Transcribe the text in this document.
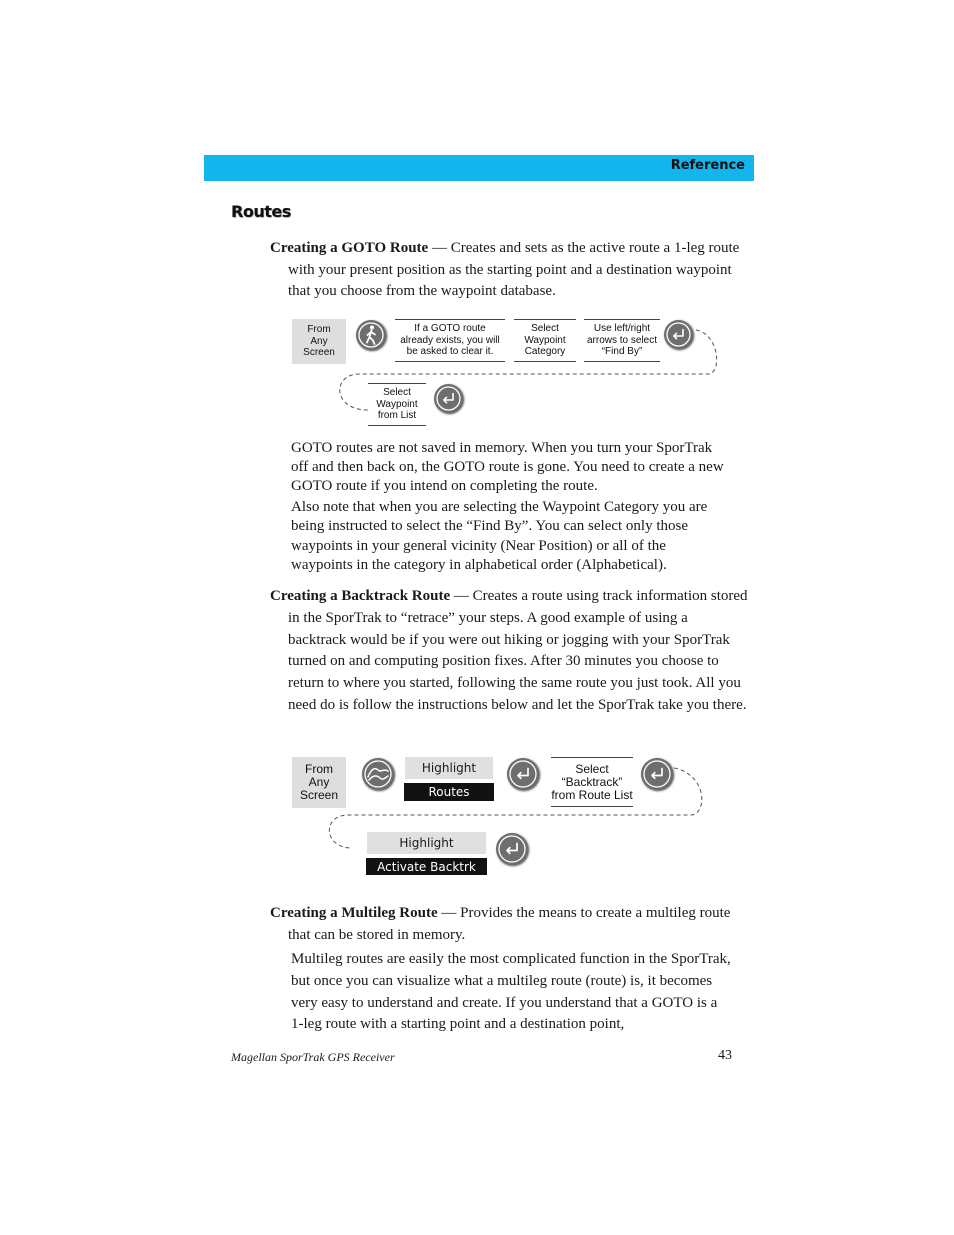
Reference
Routes
Creating a GOTO Route — Creates and sets as the active route a 1-leg route with your present position as the starting point and a destination waypoint that you choose from the waypoint database.
From
Any
Screen
If a GOTO route
already exists, you will
be asked to clear it.
Select
Waypoint
Category
Use left/right
arrows to select
“Find By”
Select
Waypoint
from List
GOTO routes are not saved in memory. When you turn your SporTrak off and then back on, the GOTO route is gone. You need to create a new GOTO route if you intend on completing the route.
Also note that when you are selecting the Waypoint Category you are being instructed to select the “Find By”. You can select only those waypoints in your general vicinity (Near Position) or all of the waypoints in the category in alphabetical order (Alphabetical).
Creating a Backtrack Route — Creates a route using track information stored in the SporTrak to “retrace” your steps. A good example of using a backtrack would be if you were out hiking or jogging with your SporTrak turned on and computing position fixes. After 30 minutes you choose to return to where you started, following the same route you just took. All you need do is follow the instructions below and let the SporTrak take you there.
From
Any
Screen
Highlight
Routes
Select
“Backtrack”
from Route List
Highlight
Activate Backtrk
Creating a Multileg Route — Provides the means to create a multileg route that can be stored in memory.
Multileg routes are easily the most complicated function in the SporTrak, but once you can visualize what a multileg route (route) is, it becomes very easy to understand and create. If you understand that a GOTO is a 1-leg route with a starting point and a destination point,
Magellan SporTrak GPS Receiver	43
